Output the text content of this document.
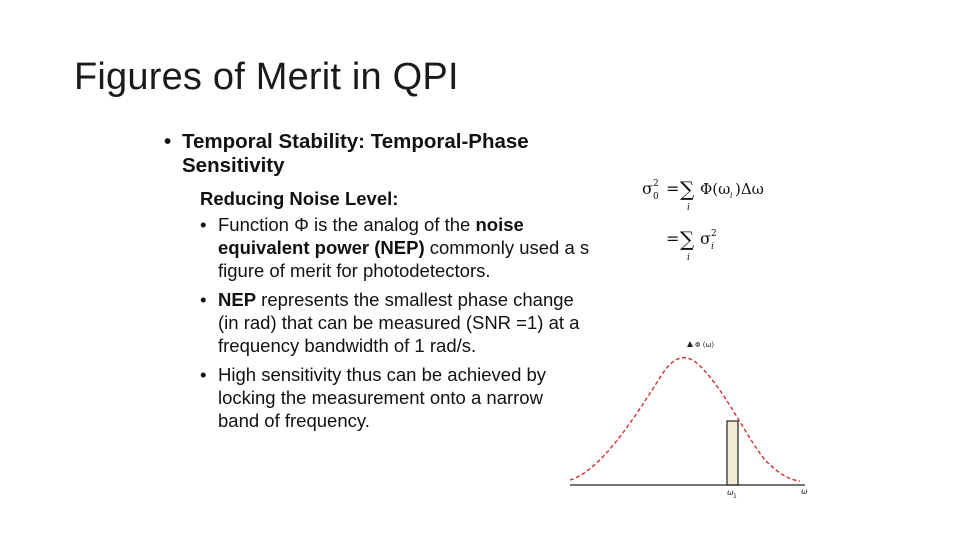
Figures of Merit in QPI
• Temporal Stability: Temporal-Phase
Sensitivity
Reducing Noise Level:
• Function Φ is the analog of the noise
equivalent power (NEP) commonly used a s
figure of merit for photodetectors.
• NEP represents the smallest phase change
(in rad) that can be measured (SNR =1) at a
frequency bandwidth of 1 rad/s.
• High sensitivity thus can be achieved by
locking the measurement onto a narrow
band of frequency.
σ 2
0 = ∑
i
Φ(ω i )Δω
= ∑
i
σ 2
i
Φ (ω)
ω
ω 1
